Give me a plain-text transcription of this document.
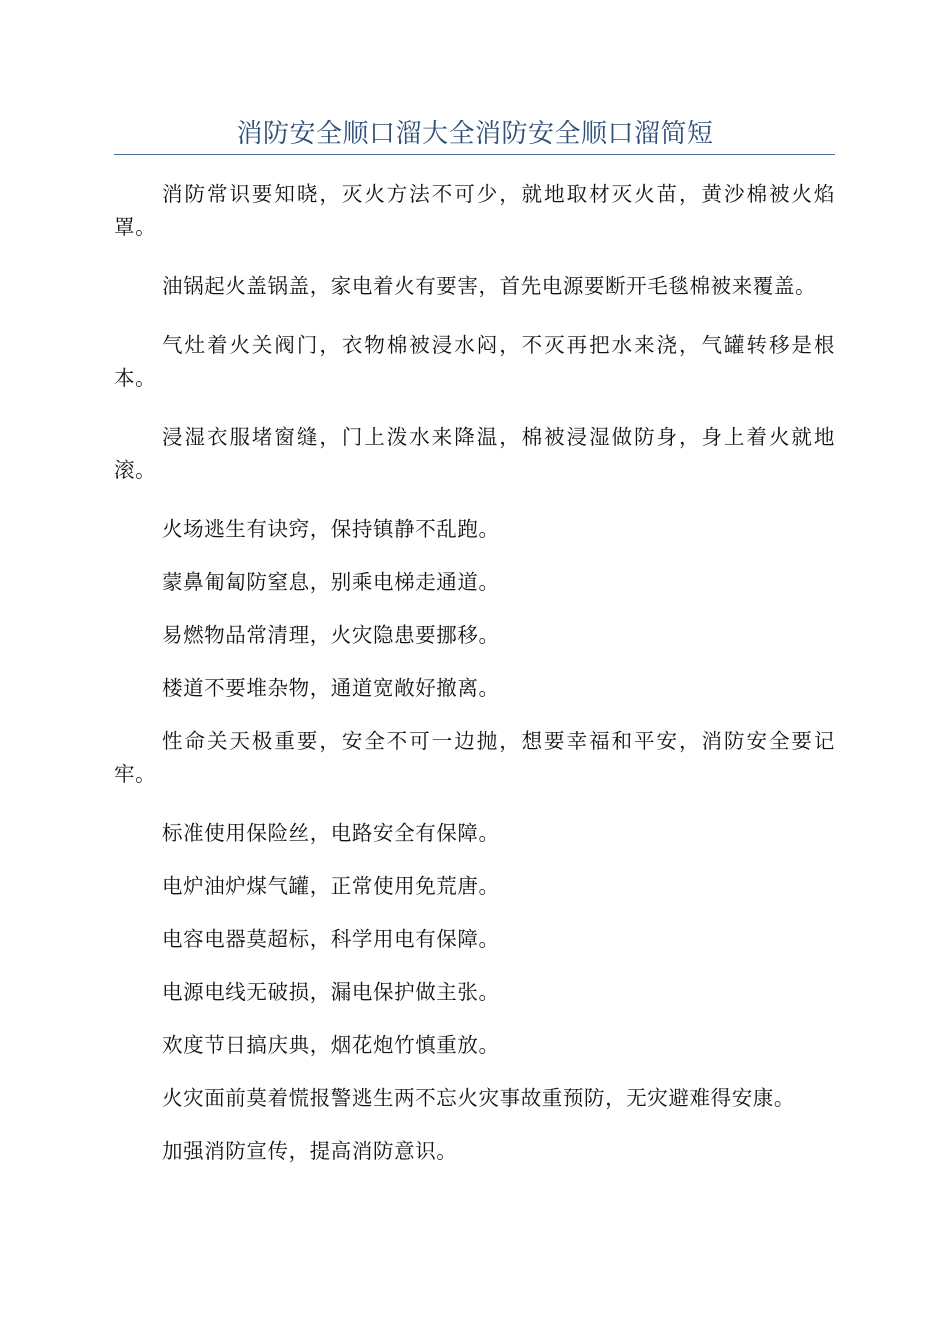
消防安全顺口溜大全消防安全顺口溜简短

消防常识要知晓，灭火方法不可少，就地取材灭火苗，黄沙棉被火焰罩。

油锅起火盖锅盖，家电着火有要害，首先电源要断开毛毯棉被来覆盖。

气灶着火关阀门，衣物棉被浸水闷，不灭再把水来浇，气罐转移是根本。

浸湿衣服堵窗缝，门上泼水来降温，棉被浸湿做防身，身上着火就地滚。

火场逃生有诀窍，保持镇静不乱跑。

蒙鼻匍匐防窒息，别乘电梯走通道。

易燃物品常清理，火灾隐患要挪移。

楼道不要堆杂物，通道宽敞好撤离。

性命关天极重要，安全不可一边抛，想要幸福和平安，消防安全要记牢。

标准使用保险丝，电路安全有保障。

电炉油炉煤气罐，正常使用免荒唐。

电容电器莫超标，科学用电有保障。

电源电线无破损，漏电保护做主张。

欢度节日搞庆典，烟花炮竹慎重放。

火灾面前莫着慌报警逃生两不忘火灾事故重预防，无灾避难得安康。

加强消防宣传，提高消防意识。
